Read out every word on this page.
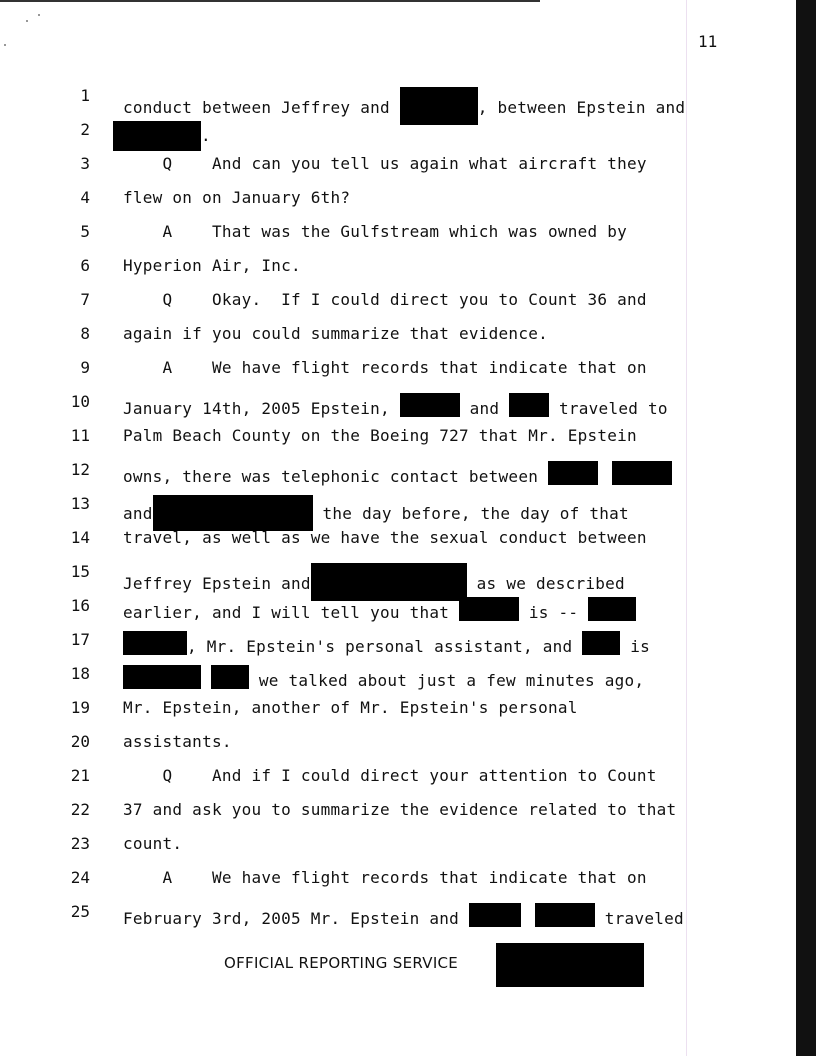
11
1
2
3
4
5
6
7
8
9
10
11
12
13
14
15
16
17
18
19
20
21
22
23
24
25
conduct between Jeffrey and	, between Epstein and
.
Q    And can you tell us again what aircraft they
flew on on January 6th?
A    That was the Gulfstream which was owned by
Hyperion Air, Inc.
Q    Okay.  If I could direct you to Count 36 and
again if you could summarize that evidence.
A    We have flight records that indicate that on
January 14th, 2005 Epstein,	and	traveled to
Palm Beach County on the Boeing 727 that Mr. Epstein
owns, there was telephonic contact between
and	the day before, the day of that
travel, as well as we have the sexual conduct between
Jeffrey Epstein and	as we described
earlier, and I will tell you that	is --
, Mr. Epstein's personal assistant, and  is
we talked about just a few minutes ago,
Mr. Epstein, another of Mr. Epstein's personal
assistants.
Q    And if I could direct your attention to Count
37 and ask you to summarize the evidence related to that
count.
A    We have flight records that indicate that on
February 3rd, 2005 Mr. Epstein and	traveled
OFFICIAL REPORTING SERVICE
